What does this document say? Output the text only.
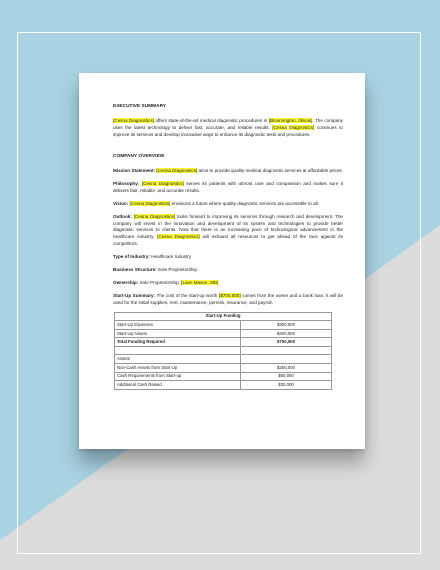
EXECUTIVE SUMMARY

[Cesna Diagnostics] offers state-of-the-art medical diagnostic procedures in [Bloomington, Illinois]. The company uses the latest technology to deliver fast, accurate, and reliable results. [Cesna Diagnostics] continues to improve its services and develop innovative ways to enhance its diagnostic tests and procedures.

COMPANY OVERVIEW

Mission Statement: [Cesna Diagnostics] aims to provide quality medical diagnostic services at affordable prices.

Philosophy: [Cesna Diagnostics] serves its patients with utmost care and compassion and makes sure it delivers fast, reliable, and accurate results.

Vision: [Cesna Diagnostics] envisions a future where quality diagnostic services are accessible to all.

Outlook: [Cesna Diagnostics] looks forward to improving its services through research and development. The company will invest in the innovation and development of its system and technologies to provide better diagnostic services to clients. Now that there is an increasing pace of technological advancement in the healthcare industry, [Cesna Diagnostics] will exhaust all resources to get ahead of the race against its competitors.

Type of Industry: Healthcare Industry

Business Structure: Sole Proprietorship

Ownership: Sole Proprietorship, [Liam Mason, MD]

Start-Up Summary: The cost of the start-up worth [$700,000] comes from the owner and a bank loan. It will be used for the initial supplies, rent, maintenance, permits, insurance, and payroll.

Start-Up Funding	
Start-Up Expenses	$300,000
Start-Up Assets	$400,000
Total Funding Required	$700,000

Assets	
Non-Cash Assets from Start-Up	$250,000
Cash Requirements from Start-up	$60,000
Additional Cash Raised	$30,000
